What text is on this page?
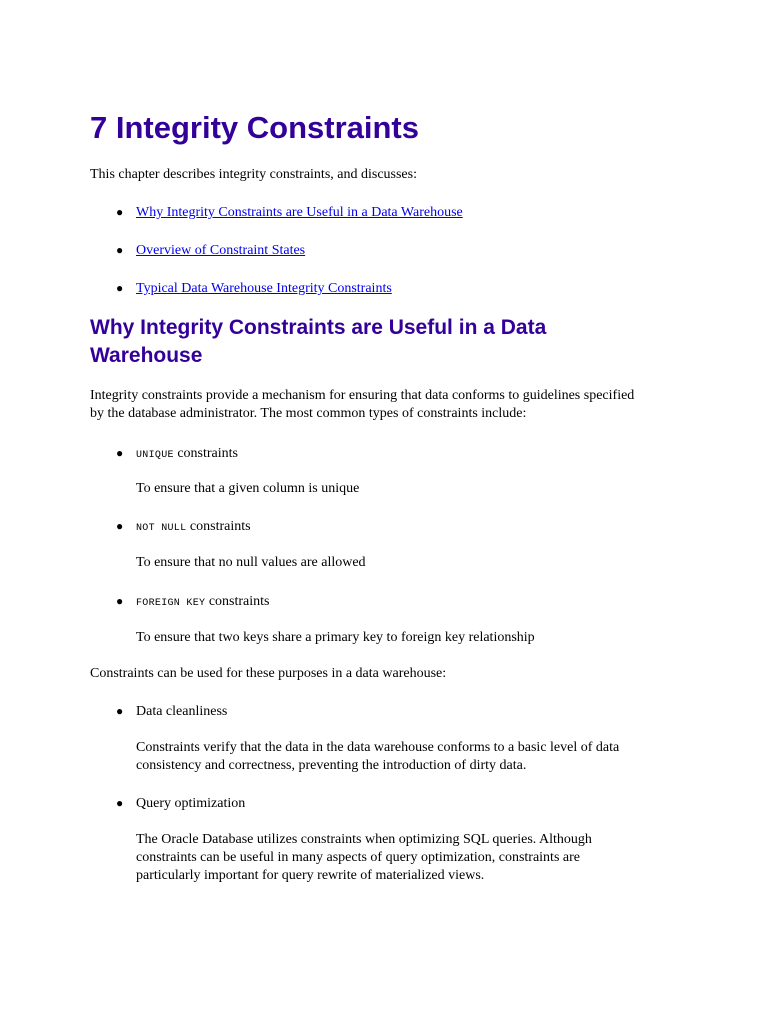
7 Integrity Constraints

This chapter describes integrity constraints, and discusses:

● Why Integrity Constraints are Useful in a Data Warehouse
● Overview of Constraint States
● Typical Data Warehouse Integrity Constraints
Why Integrity Constraints are Useful in a Data
Warehouse

Integrity constraints provide a mechanism for ensuring that data conforms to guidelines specified
by the database administrator. The most common types of constraints include:

● UNIQUE constraints

To ensure that a given column is unique

● NOT NULL constraints

To ensure that no null values are allowed

● FOREIGN KEY constraints

To ensure that two keys share a primary key to foreign key relationship

Constraints can be used for these purposes in a data warehouse:

● Data cleanliness

Constraints verify that the data in the data warehouse conforms to a basic level of data
consistency and correctness, preventing the introduction of dirty data.

● Query optimization

The Oracle Database utilizes constraints when optimizing SQL queries. Although
constraints can be useful in many aspects of query optimization, constraints are
particularly important for query rewrite of materialized views.
